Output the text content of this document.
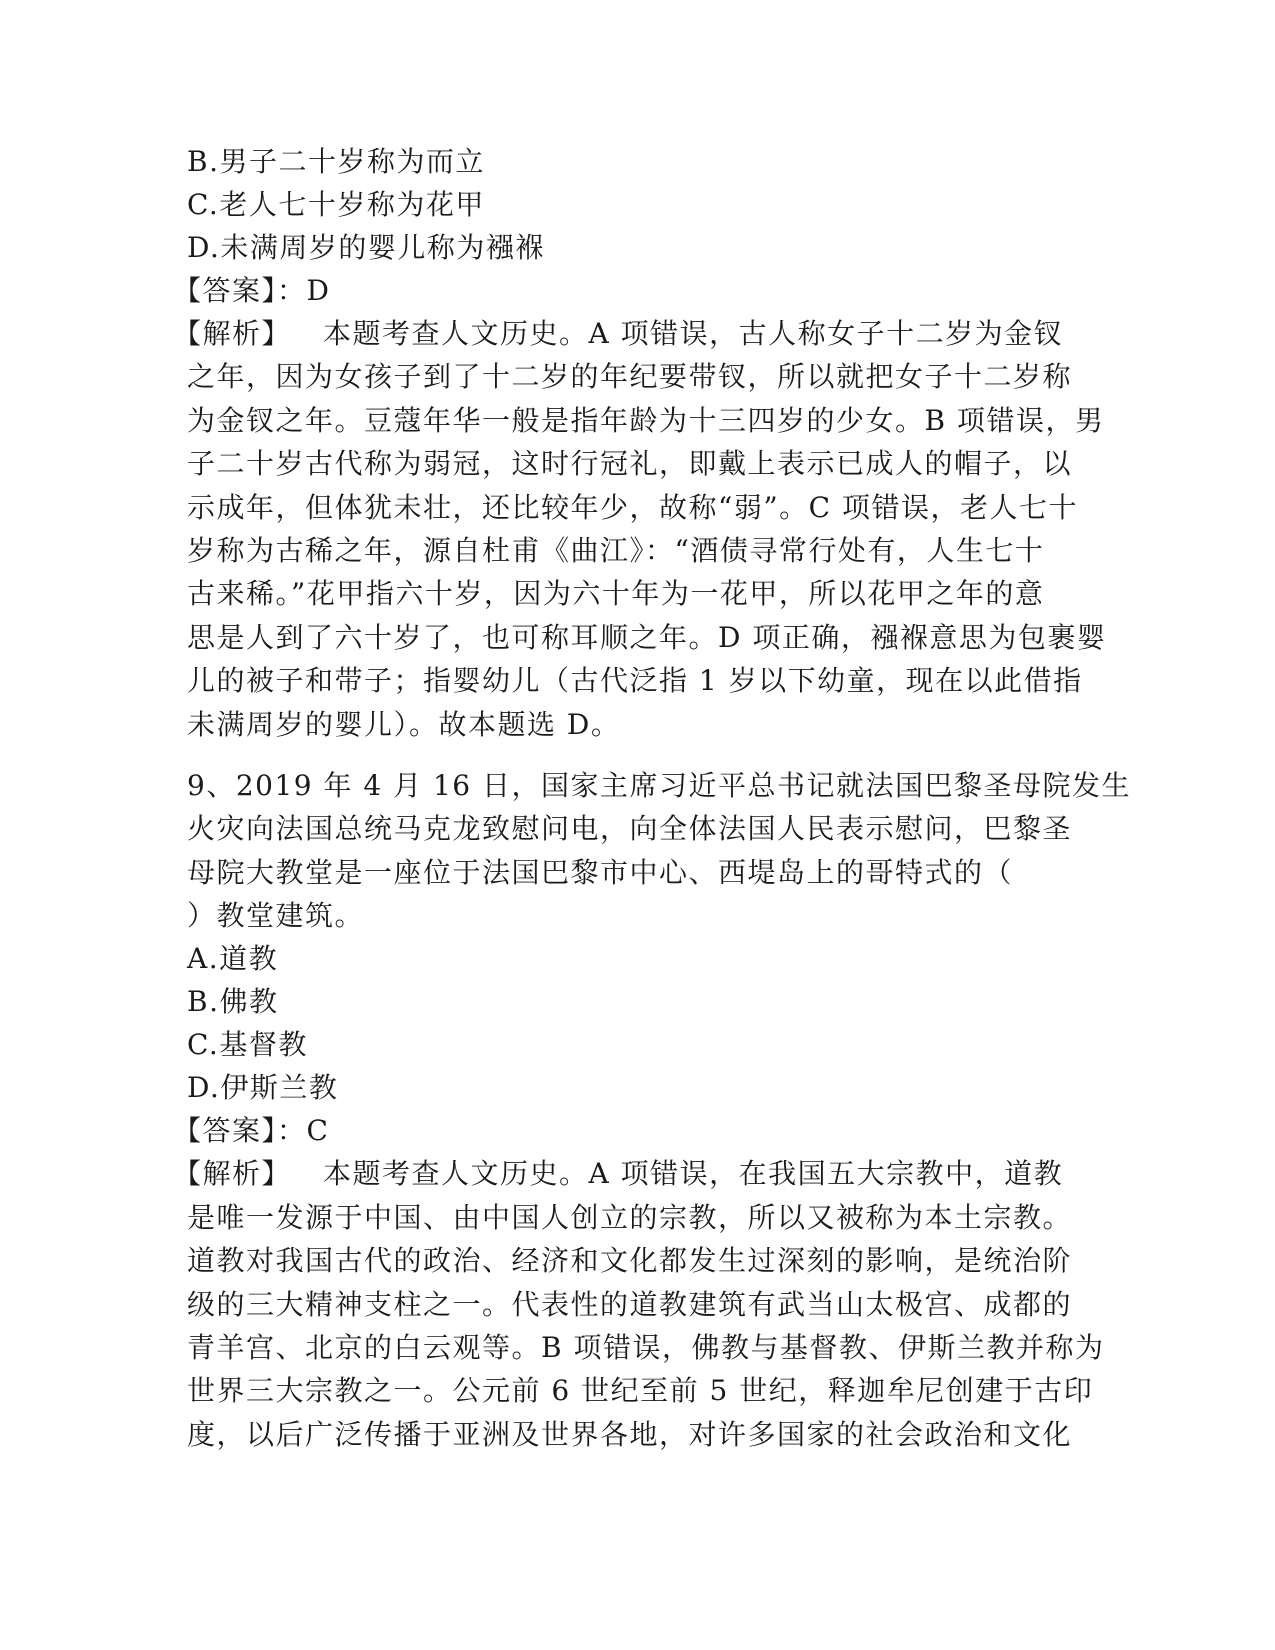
B.男子二十岁称为而立
C.老人七十岁称为花甲
D.未满周岁的婴儿称为襁褓
【答案】：D
【解析】 本题考查人文历史。A 项错误，古人称女子十二岁为金钗
之年，因为女孩子到了十二岁的年纪要带钗，所以就把女子十二岁称
为金钗之年。豆蔻年华一般是指年龄为十三四岁的少女。B 项错误，男
子二十岁古代称为弱冠，这时行冠礼，即戴上表示已成人的帽子，以
示成年，但体犹未壮，还比较年少，故称“弱”。C 项错误，老人七十
岁称为古稀之年，源自杜甫《曲江》：“酒债寻常行处有，人生七十
古来稀。”花甲指六十岁，因为六十年为一花甲，所以花甲之年的意
思是人到了六十岁了，也可称耳顺之年。D 项正确，襁褓意思为包裹婴
儿的被子和带子；指婴幼儿（古代泛指 1 岁以下幼童，现在以此借指
未满周岁的婴儿）。故本题选 D。
9、2019 年 4 月 16 日，国家主席习近平总书记就法国巴黎圣母院发生
火灾向法国总统马克龙致慰问电，向全体法国人民表示慰问，巴黎圣
母院大教堂是一座位于法国巴黎市中心、西堤岛上的哥特式的（
）教堂建筑。
A.道教
B.佛教
C.基督教
D.伊斯兰教
【答案】：C
【解析】 本题考查人文历史。A 项错误，在我国五大宗教中，道教
是唯一发源于中国、由中国人创立的宗教，所以又被称为本土宗教。
道教对我国古代的政治、经济和文化都发生过深刻的影响，是统治阶
级的三大精神支柱之一。代表性的道教建筑有武当山太极宫、成都的
青羊宫、北京的白云观等。B 项错误，佛教与基督教、伊斯兰教并称为
世界三大宗教之一。公元前 6 世纪至前 5 世纪，释迦牟尼创建于古印
度，以后广泛传播于亚洲及世界各地，对许多国家的社会政治和文化
